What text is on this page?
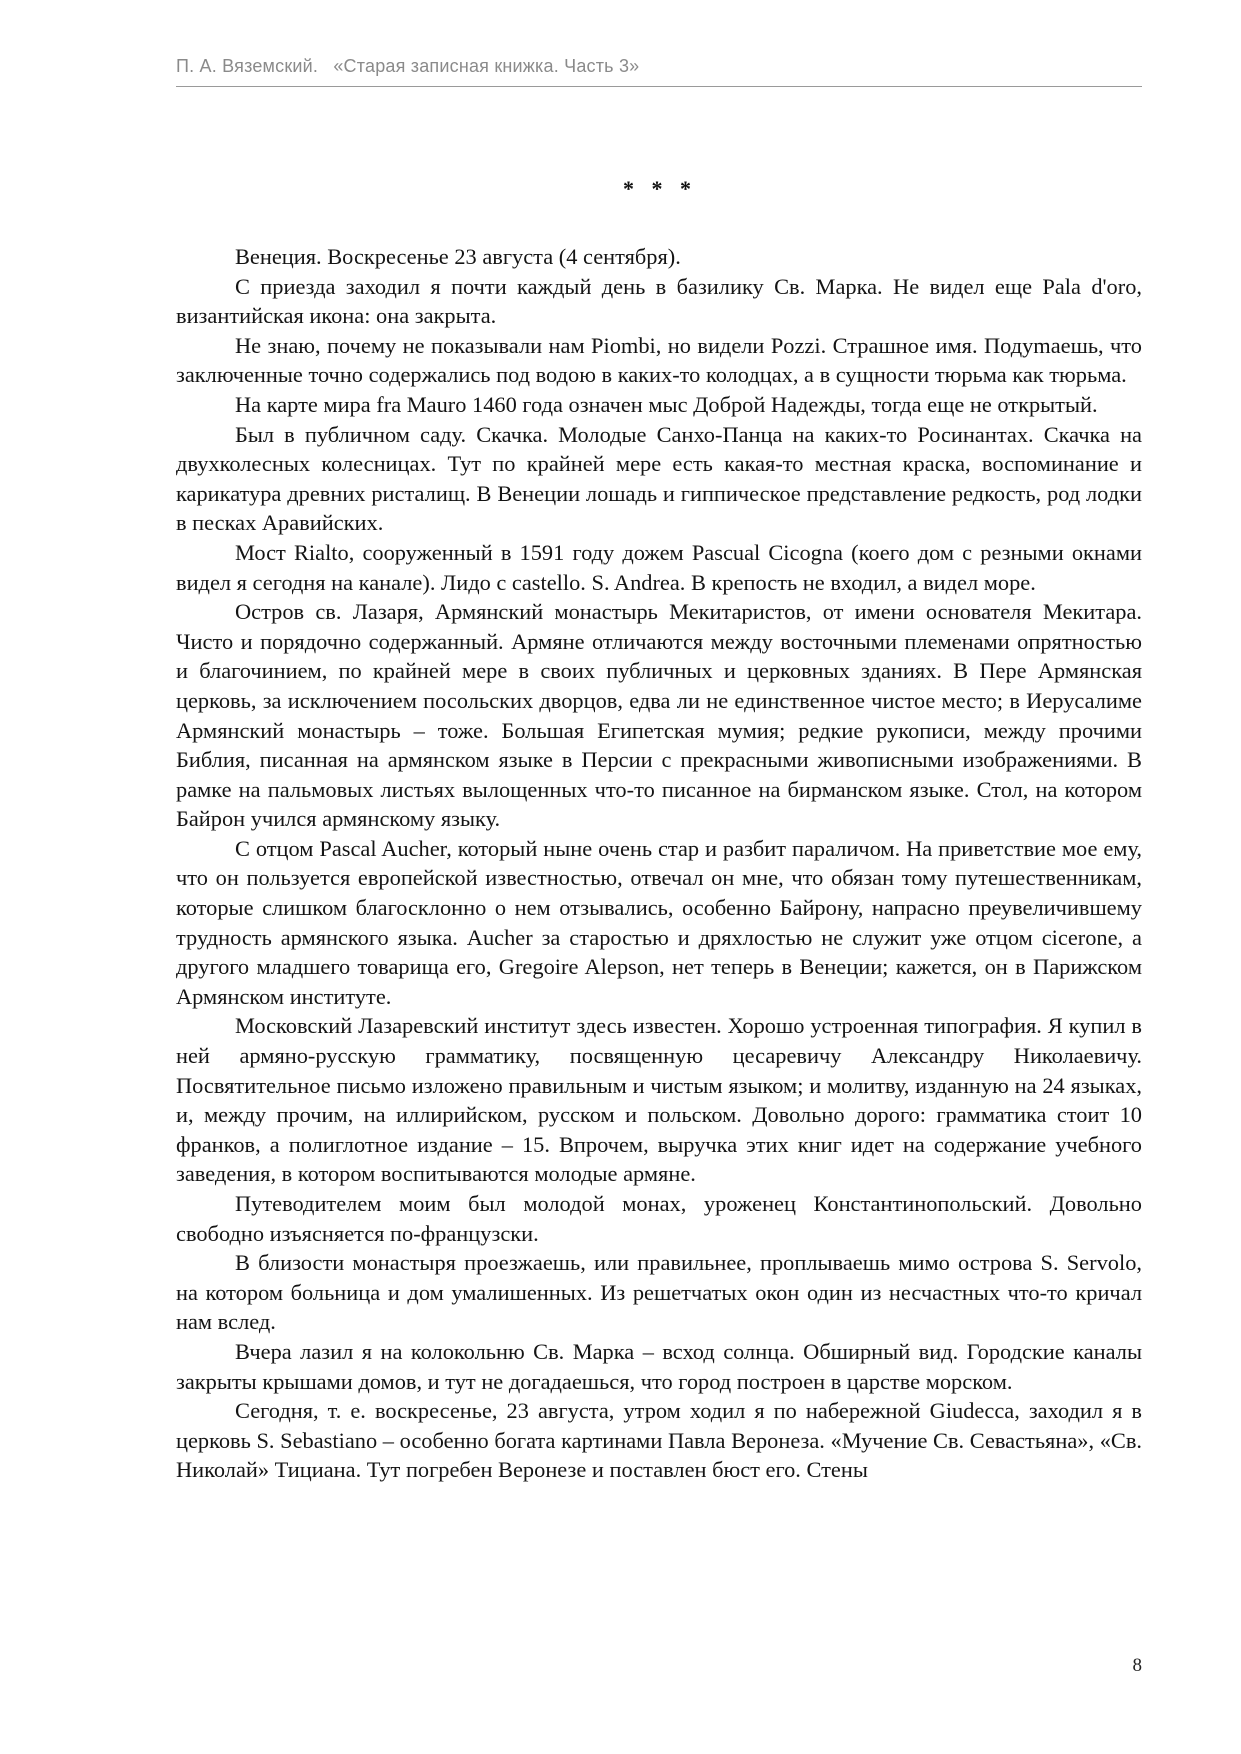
П. А. Вяземский. «Старая записная книжка. Часть 3»
* * *

Венеция. Воскресенье 23 августа (4 сентября).

С приезда заходил я почти каждый день в базилику Св. Марка. Не видел еще Pala d'oro, византийская икона: она закрыта.

Не знаю, почему не показывали нам Piombi, но видели Pozzi. Страшное имя. Подуmаешь, что заключенные точно содержались под водою в каких-то колодцах, а в сущности тюрьма как тюрьма.

На карте мира fra Mauro 1460 года означен мыс Доброй Надежды, тогда еще не открытый.

Был в публичном саду. Скачка. Молодые Санхо-Панца на каких-то Росинантах. Скачка на двухколесных колесницах. Тут по крайней мере есть какая-то местная краска, воспоминание и карикатура древних ристалищ. В Венеции лошадь и гиппическое представление редкость, род лодки в песках Аравийских.

Мост Rialto, сооруженный в 1591 году дожем Pascual Cicogna (коего дом с резными окнами видел я сегодня на канале). Лидо с castello. S. Andrea. В крепость не входил, а видел море.

Остров св. Лазаря, Армянский монастырь Мекитаристов, от имени основателя Мекитара. Чисто и порядочно содержанный. Армяне отличаются между восточными племенами опрятностью и благочинием, по крайней мере в своих публичных и церковных зданиях. В Пере Армянская церковь, за исключением посольских дворцов, едва ли не единственное чистое место; в Иерусалиме Армянский монастырь – тоже. Большая Египетская мумия; редкие рукописи, между прочими Библия, писанная на армянском языке в Персии с прекрасными живописными изображениями. В рамке на пальмовых листьях вылощенных что-то писанное на бирманском языке. Стол, на котором Байрон учился армянскому языку.

С отцом Pascal Aucher, который ныне очень стар и разбит параличом. На приветствие мое ему, что он пользуется европейской известностью, отвечал он мне, что обязан тому путешественникам, которые слишком благосклонно о нем отзывались, особенно Байрону, напрасно преувеличившему трудность армянского языка. Aucher за старостью и дряхлостью не служит уже отцом cicerone, а другого младшего товарища его, Gregoire Alepson, нет теперь в Венеции; кажется, он в Парижском Армянском институте.

Московский Лазаревский институт здесь известен. Хорошо устроенная типография. Я купил в ней армяно-русскую грамматику, посвященную цесаревичу Александру Николаевичу. Посвятительное письмо изложено правильным и чистым языком; и молитву, изданную на 24 языках, и, между прочим, на иллирийском, русском и польском. Довольно дорого: грамматика стоит 10 франков, а полиглотное издание – 15. Впрочем, выручка этих книг идет на содержание учебного заведения, в котором воспитываются молодые армяне.

Путеводителем моим был молодой монах, уроженец Константинопольский. Довольно свободно изъясняется по-французски.

В близости монастыря проезжаешь, или правильнее, проплываешь мимо острова S. Servolo, на котором больница и дом умалишенных. Из решетчатых окон один из несчастных что-то кричал нам вслед.

Вчера лазил я на колокольню Св. Марка – всход солнца. Обширный вид. Городские каналы закрыты крышами домов, и тут не догадаешься, что город построен в царстве морском.

Сегодня, т. е. воскресенье, 23 августа, утром ходил я по набережной Giudecca, заходил я в церковь S. Sebastiano – особенно богата картинами Павла Веронеза. «Мучение Св. Севастьяна», «Св. Николай» Тициана. Тут погребен Веронезе и поставлен бюст его. Стены

8
